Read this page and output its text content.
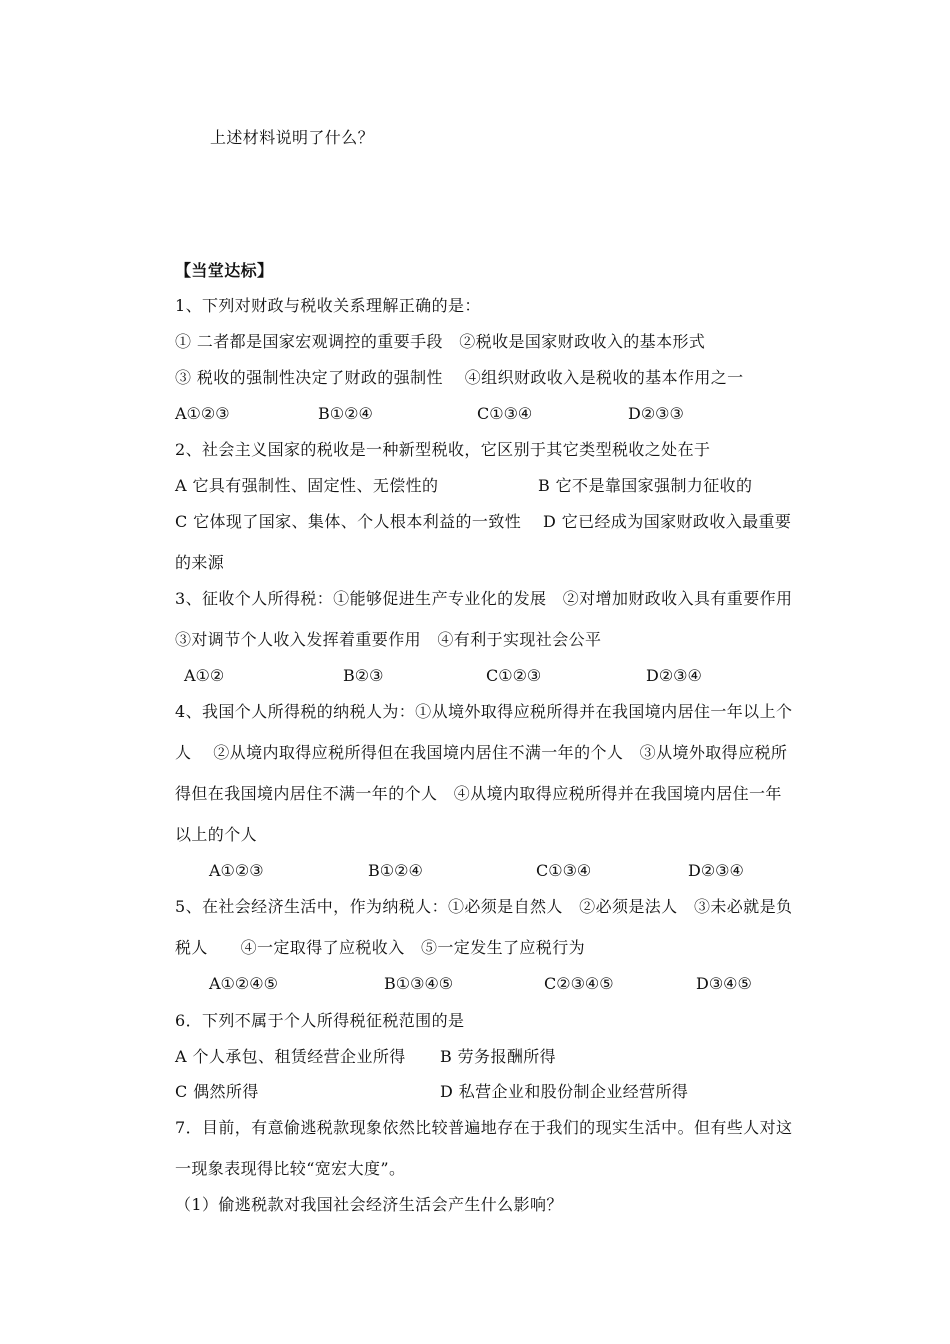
上述材料说明了什么？
【当堂达标】
1、下列对财政与税收关系理解正确的是：
① 二者都是国家宏观调控的重要手段　②税收是国家财政收入的基本形式
③ 税收的强制性决定了财政的强制性　 ④组织财政收入是税收的基本作用之一
A①②③	B①②④	C①③④	D②③③
2、社会主义国家的税收是一种新型税收，它区别于其它类型税收之处在于
A 它具有强制性、固定性、无偿性的	B 它不是靠国家强制力征收的
C 它体现了国家、集体、个人根本利益的一致性　 D 它已经成为国家财政收入最重要
的来源
3、征收个人所得税：①能够促进生产专业化的发展　②对增加财政收入具有重要作用
③对调节个人收入发挥着重要作用　④有利于实现社会公平
A①②	B②③	C①②③	D②③④
4、我国个人所得税的纳税人为：①从境外取得应税所得并在我国境内居住一年以上个
人　 ②从境内取得应税所得但在我国境内居住不满一年的个人　③从境外取得应税所
得但在我国境内居住不满一年的个人　④从境内取得应税所得并在我国境内居住一年
以上的个人
A①②③	B①②④	C①③④	D②③④
5、在社会经济生活中，作为纳税人：①必须是自然人　②必须是法人　③未必就是负
税人　　④一定取得了应税收入　⑤一定发生了应税行为
A①②④⑤	B①③④⑤	C②③④⑤	D③④⑤
6．下列不属于个人所得税征税范围的是
A 个人承包、租赁经营企业所得 B 劳务报酬所得
C 偶然所得	D 私营企业和股份制企业经营所得
7．目前，有意偷逃税款现象依然比较普遍地存在于我们的现实生活中。但有些人对这
一现象表现得比较“宽宏大度”。
（1）偷逃税款对我国社会经济生活会产生什么影响？
